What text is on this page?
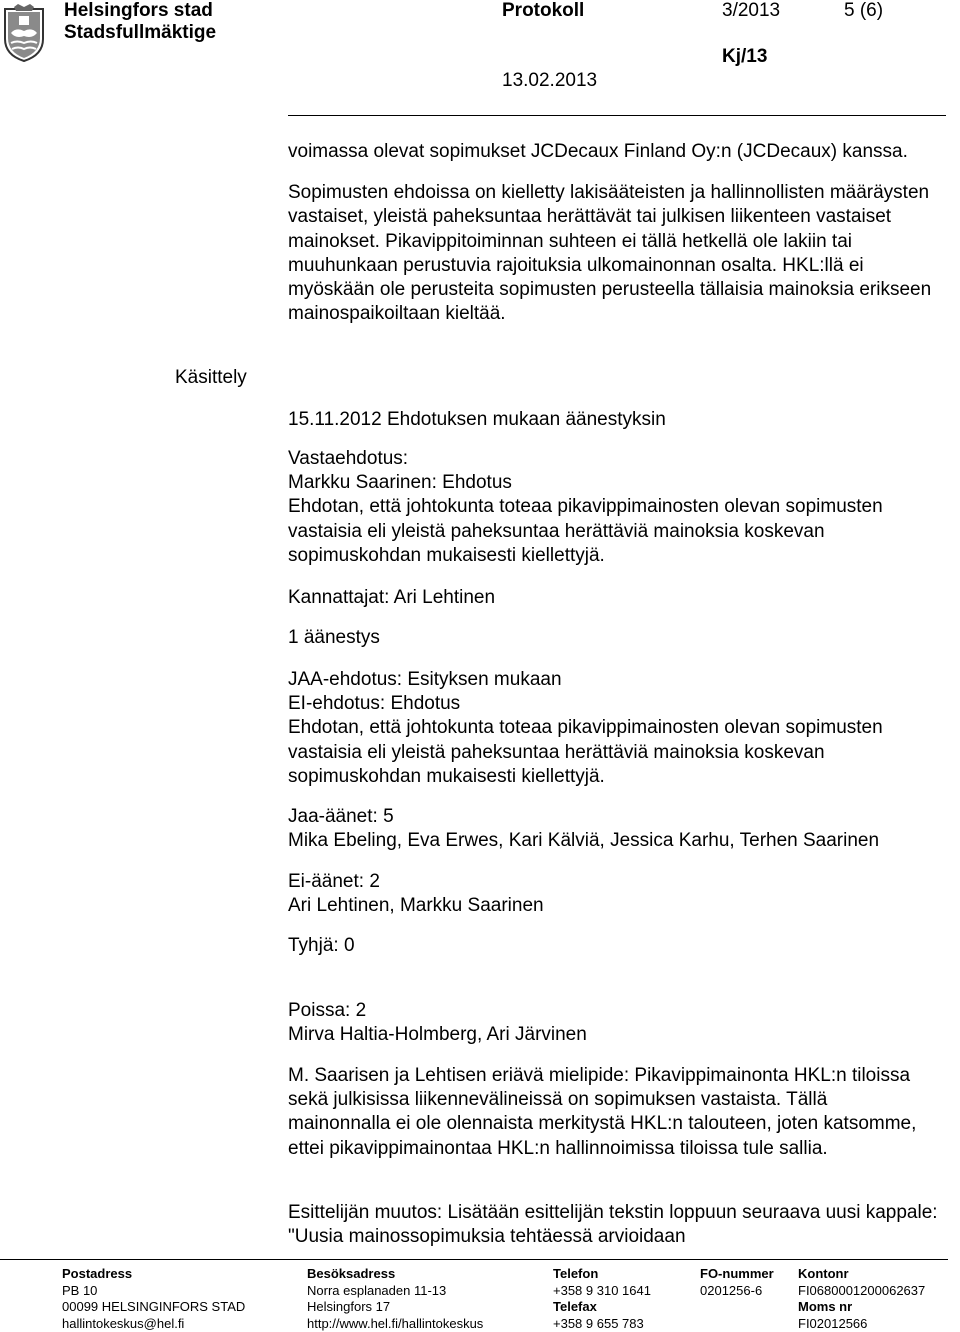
Helsingfors stad
Stadsfullmäktige
Protokoll	3/2013	5 (6)
Kj/13
13.02.2013
Käsittely

voimassa olevat sopimukset JCDecaux Finland Oy:n (JCDecaux) kanssa.

Sopimusten ehdoissa on kielletty lakisääteisten ja hallinnollisten määräysten vastaiset, yleistä paheksuntaa herättävät tai julkisen liikenteen vastaiset mainokset. Pikavippitoiminnan suhteen ei tällä hetkellä ole lakiin tai muuhunkaan perustuvia rajoituksia ulkomainonnan osalta. HKL:llä ei myöskään ole perusteita sopimusten perusteella tällaisia mainoksia erikseen mainospaikoiltaan kieltää.

15.11.2012 Ehdotuksen mukaan äänestyksin

Vastaehdotus:

Markku Saarinen: Ehdotus

Ehdotan, että johtokunta toteaa pikavippimainosten olevan sopimusten vastaisia eli yleistä paheksuntaa herättäviä mainoksia koskevan sopimuskohdan mukaisesti kiellettyjä.

Kannattajat: Ari Lehtinen

1 äänestys

JAA-ehdotus: Esityksen mukaan

EI-ehdotus: Ehdotus

Ehdotan, että johtokunta toteaa pikavippimainosten olevan sopimusten vastaisia eli yleistä paheksuntaa herättäviä mainoksia koskevan sopimuskohdan mukaisesti kiellettyjä.

Jaa-äänet: 5

Mika Ebeling, Eva Erwes, Kari Kälviä, Jessica Karhu, Terhen Saarinen

Ei-äänet: 2

Ari Lehtinen, Markku Saarinen

Tyhjä: 0

Poissa: 2

Mirva Haltia-Holmberg, Ari Järvinen

M. Saarisen ja Lehtisen eriävä mielipide: Pikavippimainonta HKL:n tiloissa sekä julkisissa liikennevälineissä on sopimuksen vastaista. Tällä mainonnalla ei ole olennaista merkitystä HKL:n talouteen, joten katsomme, ettei pikavippimainontaa HKL:n hallinnoimissa tiloissa tule sallia.

Esittelijän muutos: Lisätään esittelijän tekstin loppuun seuraava uusi kappale: "Uusia mainossopimuksia tehtäessä arvioidaan

Postadress
PB 10
00099 HELSINGINFORS STAD
hallintokeskus@hel.fi
Besöksadress
Norra esplanaden 11-13
Helsingfors 17
http://www.hel.fi/hallintokeskus
Telefon
+358 9 310 1641
Telefax
+358 9 655 783
FO-nummer
0201256-6
Kontonr
FI0680001200062637
Moms nr
FI02012566
